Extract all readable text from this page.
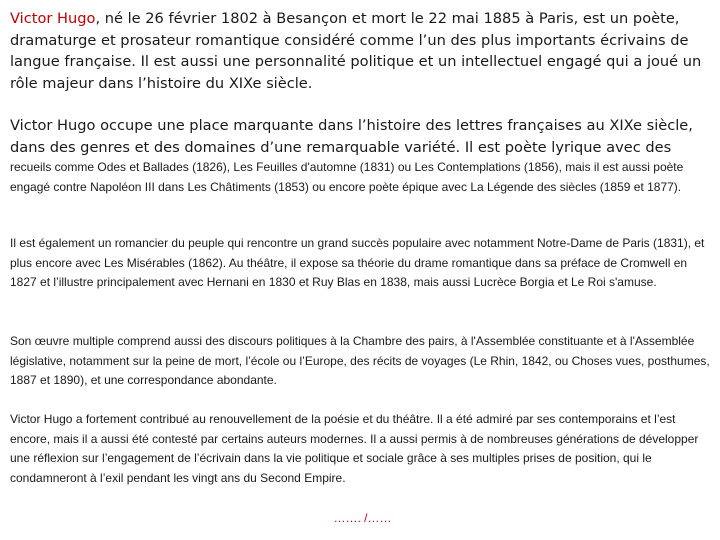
Victor Hugo, né le 26 février 1802 à Besançon et mort le 22 mai 1885 à Paris, est un poète, dramaturge et prosateur romantique considéré comme l’un des plus importants écrivains de langue française. Il est aussi une personnalité politique et un intellectuel engagé qui a joué un rôle majeur dans l’histoire du XIXe siècle.

Victor Hugo occupe une place marquante dans l’histoire des lettres françaises au XIXe siècle, dans des genres et des domaines d’une remarquable variété. Il est poète lyrique avec des

recueils comme Odes et Ballades (1826), Les Feuilles d'automne (1831) ou Les Contemplations (1856), mais il est aussi poète engagé contre Napoléon III dans Les Châtiments (1853) ou encore poète épique avec La Légende des siècles (1859 et 1877).

Il est également un romancier du peuple qui rencontre un grand succès populaire avec notamment Notre-Dame de Paris (1831), et plus encore avec Les Misérables (1862). Au théâtre, il expose sa théorie du drame romantique dans sa préface de Cromwell en 1827 et l’illustre principalement avec Hernani en 1830 et Ruy Blas en 1838, mais aussi Lucrèce Borgia et Le Roi s'amuse.

Son œuvre multiple comprend aussi des discours politiques à la Chambre des pairs, à l'Assemblée constituante et à l'Assemblée législative, notamment sur la peine de mort, l’école ou l’Europe, des récits de voyages (Le Rhin, 1842, ou Choses vues, posthumes, 1887 et 1890), et une correspondance abondante.

Victor Hugo a fortement contribué au renouvellement de la poésie et du théâtre. Il a été admiré par ses contemporains et l’est encore, mais il a aussi été contesté par certains auteurs modernes. Il a aussi permis à de nombreuses générations de développer une réflexion sur l’engagement de l’écrivain dans la vie politique et sociale grâce à ses multiples prises de position, qui le condamneront à l’exil pendant les vingt ans du Second Empire.

……. /……
